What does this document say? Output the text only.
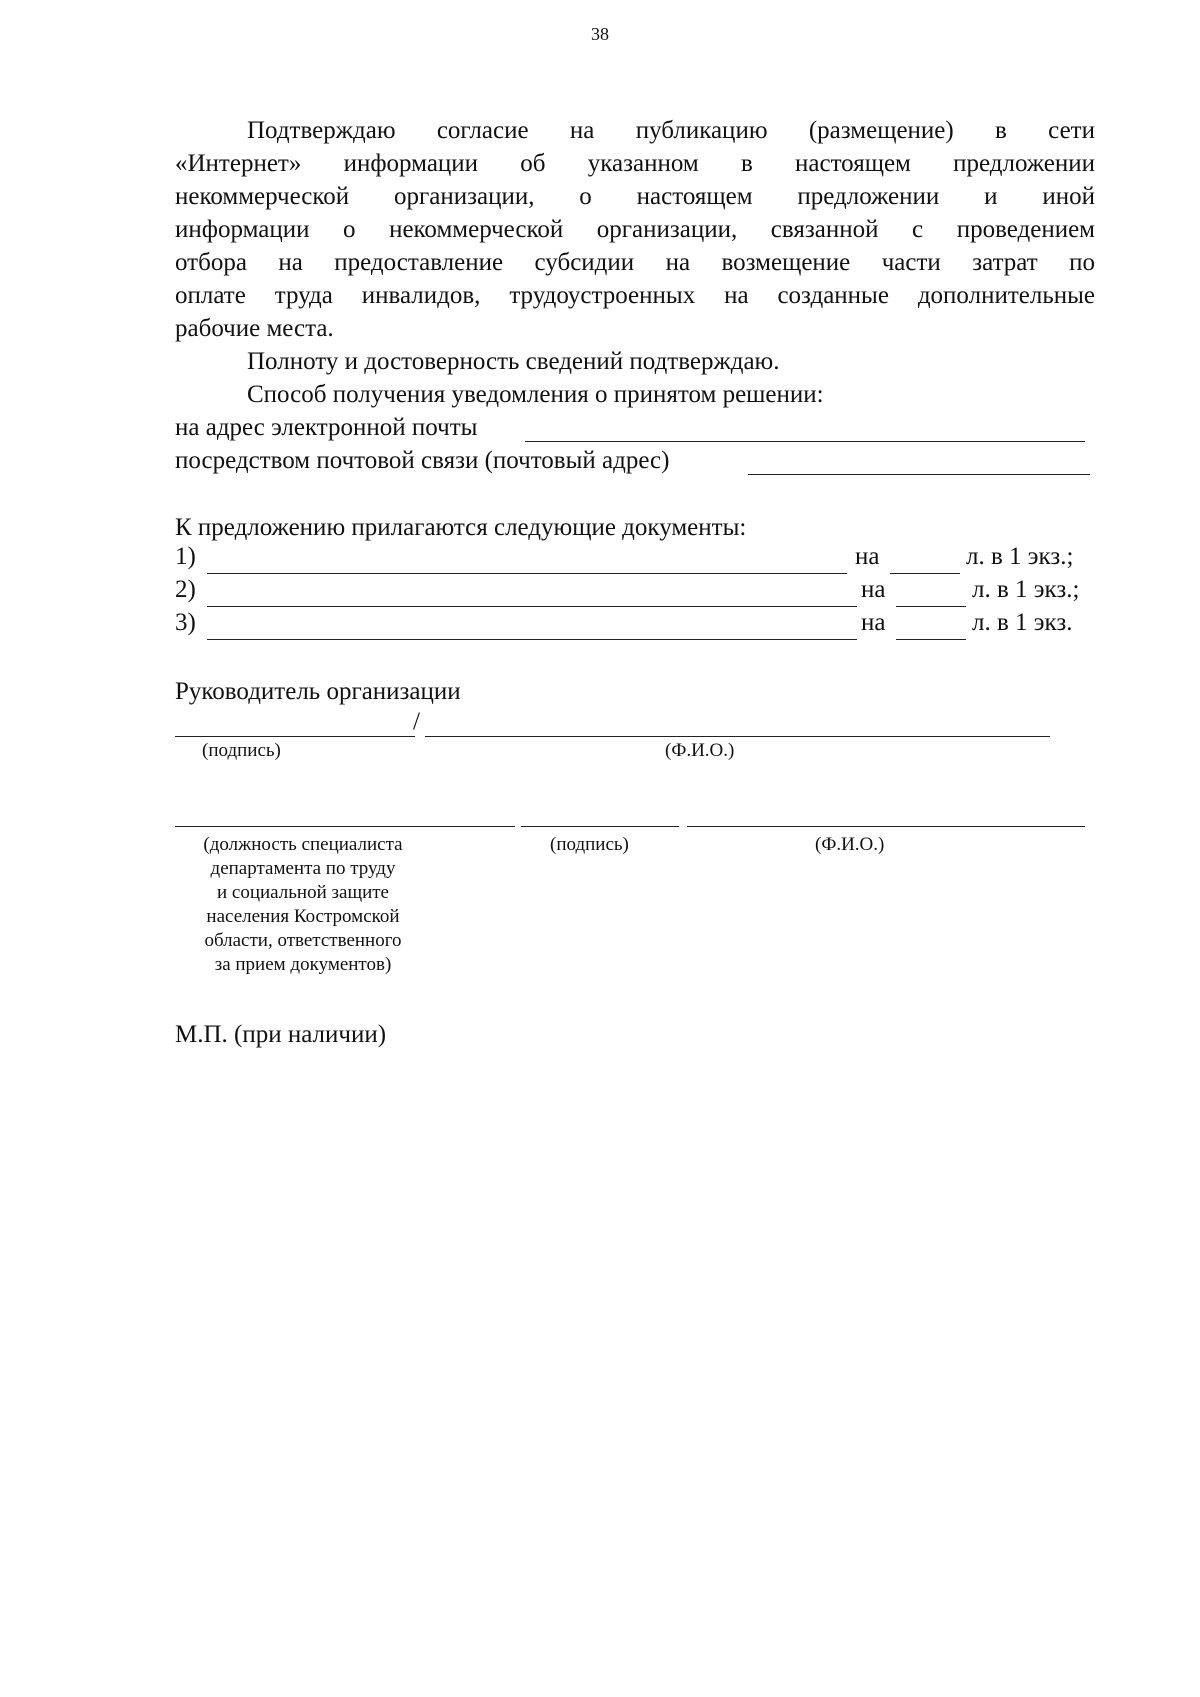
38
Подтверждаю согласие на публикацию (размещение) в сети
«Интернет» информации об указанном в настоящем предложении
некоммерческой организации, о настоящем предложении и иной
информации о некоммерческой организации, связанной с проведением
отбора на предоставление субсидии на возмещение части затрат по
оплате труда инвалидов, трудоустроенных на созданные дополнительные
рабочие места.
Полноту и достоверность сведений подтверждаю.
Способ получения уведомления о принятом решении:
на адрес электронной почты
посредством почтовой связи (почтовый адрес)
К предложению прилагаются следующие документы:
1)	на	л. в 1 экз.;
2)	на	л. в 1 экз.;
3)	на	л. в 1 экз.
Руководитель организации
/
(подпись)	(Ф.И.О.)
(должность специалиста
департамента по труду
и социальной защите
населения Костромской
области, ответственного
за прием документов)
(подпись)	(Ф.И.О.)
М.П. (при наличии)
